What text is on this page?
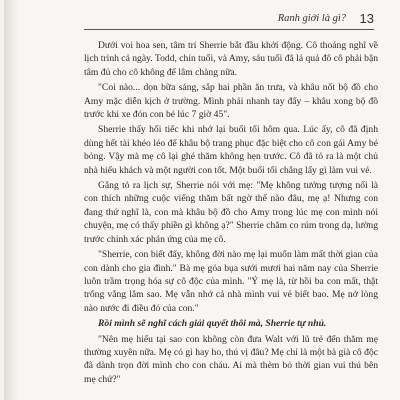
Ranh giới là gì? 13

Dưới voi hoa sen, tâm trí Sherrie bắt đầu khởi động. Cô thoáng nghĩ về lịch trình cả ngày. Todd, chín tuổi, và Amy, sáu tuổi đã lá quả đô cô phải bận tâm đủ cho cô không để lâm chàng nữa.

"Coi nào... dọn bữa sáng, sắp hai phần ăn trưa, và khâu nốt bộ đồ cho Amy mặc diễn kịch ở trường. Mình phải nhanh tay đấy – khâu xong bộ đồ trước khi xe đón con bé lúc 7 giờ 45".

Sherrie thấy hối tiếc khi nhớ lại buổi tối hôm qua. Lúc ấy, cô đã định dùng hết tài khéo léo để khâu bộ trang phục đặc biệt cho cô con gái Amy bé bỏng. Vậy mà mẹ cô lại ghé thăm không hẹn trước. Cô đã tỏ ra là một chủ nhà hiếu khách và một người con tốt. Một buổi tối chẳng lấy gì làm vui vẻ.

Gắng tỏ ra lịch sự, Sherrie nói với mẹ: "Mẹ không tưởng tượng nổi là con thích những cuộc viếng thăm bất ngờ thế nào đâu, mẹ ạ! Nhưng con đang thứ nghĩ là, con mà khâu bộ đồ cho Amy trong lúc mẹ con mình nói chuyện, mẹ có thấy phiền gì không ạ?" Sherrie chăm co rúm trong dạ, lường trước chính xác phản ứng của mẹ cô.

"Sherrie, con biết đấy, không đời nào mẹ lại muốn làm mất thời gian của con dành cho gia đình." Bà mẹ góa bụa sưới mươi hai năm nay của Sherrie luôn trầm trọng hóa sự cô độc của mình. "Ý mẹ là, từ hồi ba con mất, thật trống vắng lắm sao. Mẹ vẫn nhớ cả nhà mình vui vẻ biết bao. Mẹ nở lòng nào nước đi điều đó của con."

Rồi mình sẽ nghĩ cách giải quyết thôi mà, Sherrie tự nhủ.

"Nên mẹ hiểu tại sao con không còn đưa Walt với lũ trẻ đến thăm mẹ thường xuyên nữa. Mẹ có gì hay ho, thú vị đâu? Mẹ chỉ là một bà già cô độc đã dành trọn đời mình cho con cháu. Ai mà thèm bỏ thời gian vui thú bên mẹ chứ?"
